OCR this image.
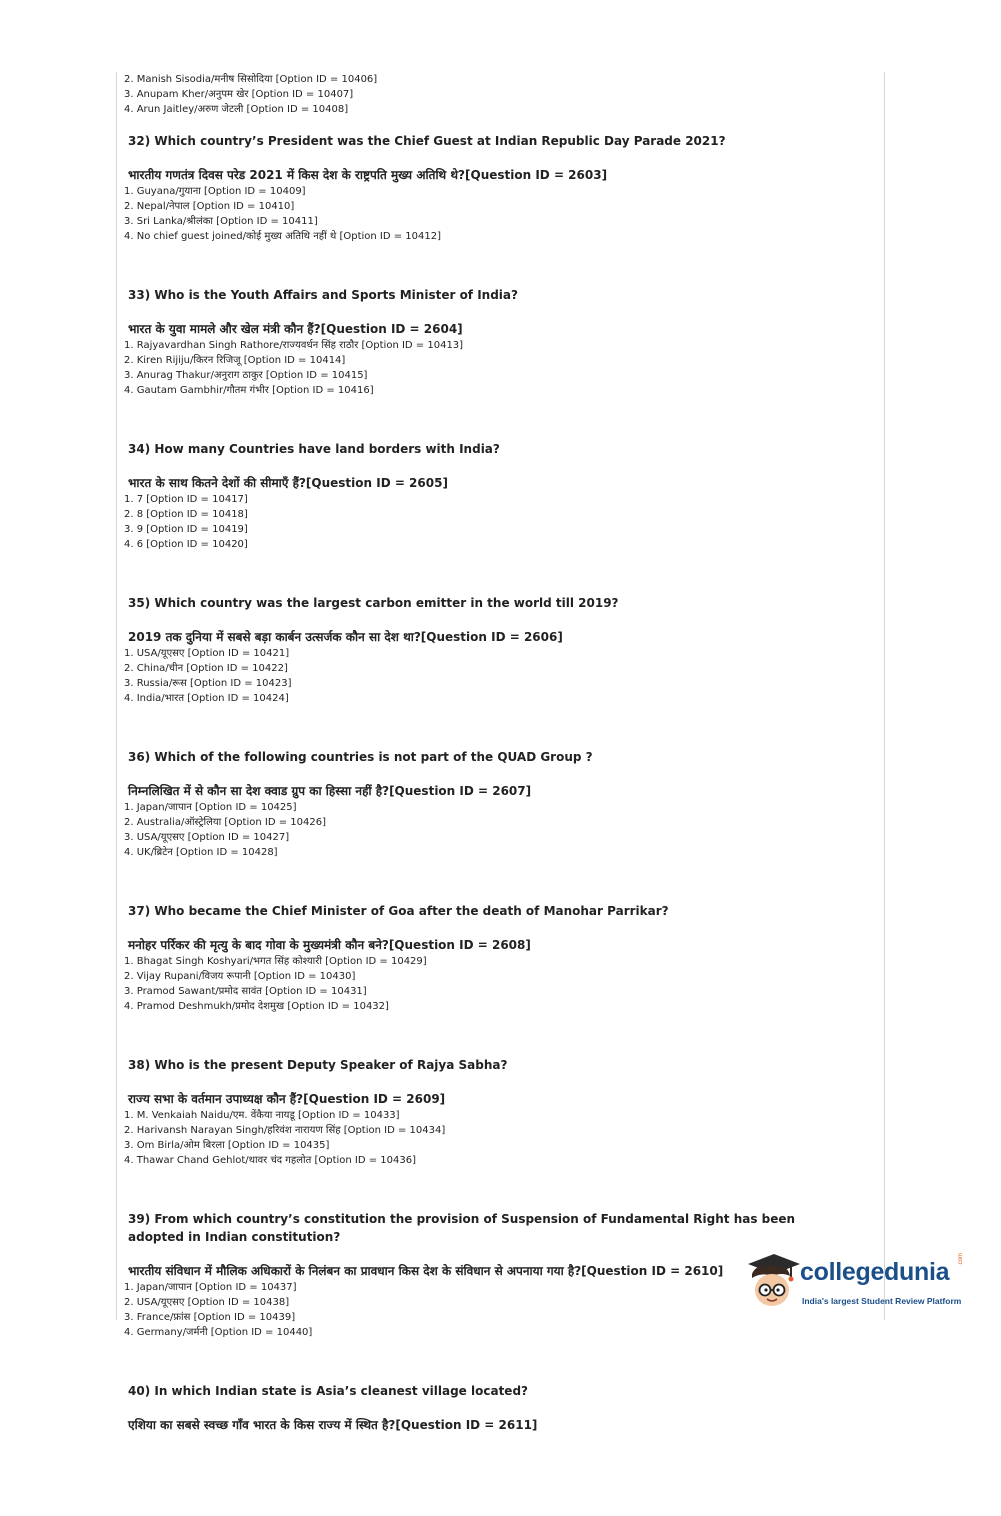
2. Manish Sisodia/मनीष सिसोदिया [Option ID = 10406]
3. Anupam Kher/अनुपम खेर [Option ID = 10407]
4. Arun Jaitley/अरुण जेटली [Option ID = 10408]
32) Which country’s President was the Chief Guest at Indian Republic Day Parade 2021?
भारतीय गणतंत्र दिवस परेड 2021 में किस देश के राष्ट्रपति मुख्य अतिथि थे?[Question ID = 2603]
1. Guyana/गुयाना [Option ID = 10409]
2. Nepal/नेपाल [Option ID = 10410]
3. Sri Lanka/श्रीलंका [Option ID = 10411]
4. No chief guest joined/कोई मुख्य अतिथि नहीं थे [Option ID = 10412]
33) Who is the Youth Affairs and Sports Minister of India?
भारत के युवा मामले और खेल मंत्री कौन हैं?[Question ID = 2604]
1. Rajyavardhan Singh Rathore/राज्यवर्धन सिंह राठौर [Option ID = 10413]
2. Kiren Rijiju/किरन रिजिजू [Option ID = 10414]
3. Anurag Thakur/अनुराग ठाकुर [Option ID = 10415]
4. Gautam Gambhir/गौतम गंभीर [Option ID = 10416]
34) How many Countries have land borders with India?
भारत के साथ कितने देशों की सीमाएँ हैं?[Question ID = 2605]
1. 7 [Option ID = 10417]
2. 8 [Option ID = 10418]
3. 9 [Option ID = 10419]
4. 6 [Option ID = 10420]
35) Which country was the largest carbon emitter in the world till 2019?
2019 तक दुनिया में सबसे बड़ा कार्बन उत्सर्जक कौन सा देश था?[Question ID = 2606]
1. USA/यूएसए [Option ID = 10421]
2. China/चीन [Option ID = 10422]
3. Russia/रूस [Option ID = 10423]
4. India/भारत [Option ID = 10424]
36) Which of the following countries is not part of the QUAD Group ?
निम्नलिखित में से कौन सा देश क्वाड ग्रुप का हिस्सा नहीं है?[Question ID = 2607]
1. Japan/जापान [Option ID = 10425]
2. Australia/ऑस्ट्रेलिया [Option ID = 10426]
3. USA/यूएसए [Option ID = 10427]
4. UK/ब्रिटेन [Option ID = 10428]
37) Who became the Chief Minister of Goa after the death of Manohar Parrikar?
मनोहर पर्रिकर की मृत्यु के बाद गोवा के मुख्यमंत्री कौन बने?[Question ID = 2608]
1. Bhagat Singh Koshyari/भगत सिंह कोश्यारी [Option ID = 10429]
2. Vijay Rupani/विजय रूपानी [Option ID = 10430]
3. Pramod Sawant/प्रमोद सावंत [Option ID = 10431]
4. Pramod Deshmukh/प्रमोद देशमुख [Option ID = 10432]
38) Who is the present Deputy Speaker of Rajya Sabha?
राज्य सभा के वर्तमान उपाध्यक्ष कौन हैं?[Question ID = 2609]
1. M. Venkaiah Naidu/एम. वेंकैया नायडू [Option ID = 10433]
2. Harivansh Narayan Singh/हरिवंश नारायण सिंह [Option ID = 10434]
3. Om Birla/ओम बिरला [Option ID = 10435]
4. Thawar Chand Gehlot/थावर चंद गहलोत [Option ID = 10436]
39) From which country’s constitution the provision of Suspension of Fundamental Right has been adopted in Indian constitution?
भारतीय संविधान में मौलिक अधिकारों के निलंबन का प्रावधान किस देश के संविधान से अपनाया गया है?[Question ID = 2610]
1. Japan/जापान [Option ID = 10437]
2. USA/यूएसए [Option ID = 10438]
3. France/फ्रांस [Option ID = 10439]
4. Germany/जर्मनी [Option ID = 10440]
40) In which Indian state is Asia’s cleanest village located?
एशिया का सबसे स्वच्छ गाँव भारत के किस राज्य में स्थित है?[Question ID = 2611]
collegedunia .com
India's largest Student Review Platform
